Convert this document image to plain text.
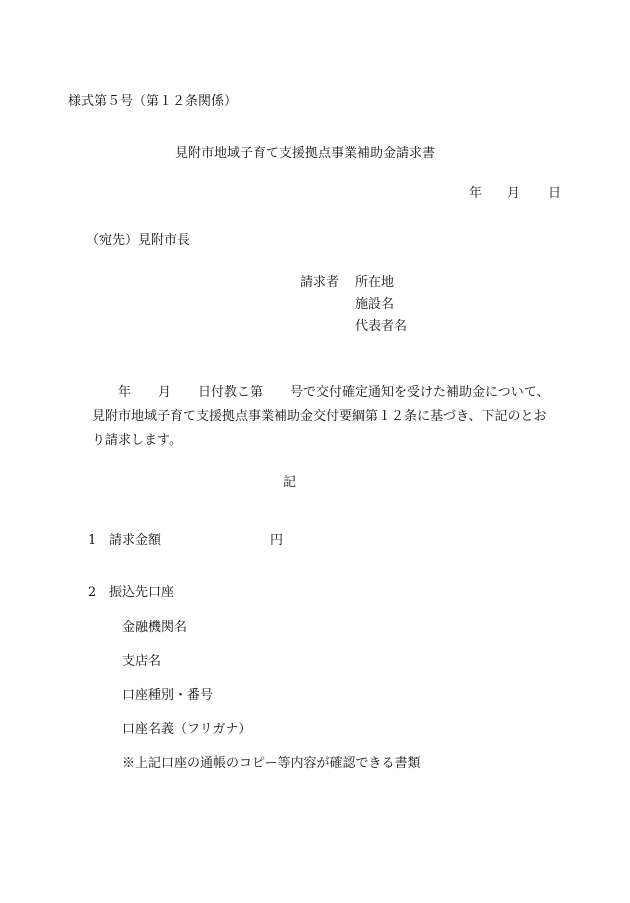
様式第５号（第１２条関係）
見附市地域子育て支援拠点事業補助金請求書
年 月 日
（宛先）見附市長
請求者 所在地
施設名
代表者名
年 月 日付教こ第 号で交付確定通知を受けた補助金について、
見附市地域子育て支援拠点事業補助金交付要綱第１２条に基づき、下記のとお
り請求します。
記
1 請求金額	円
2 振込先口座
金融機関名
支店名
口座種別・番号
口座名義（フリガナ）
※上記口座の通帳のコピー等内容が確認できる書類
